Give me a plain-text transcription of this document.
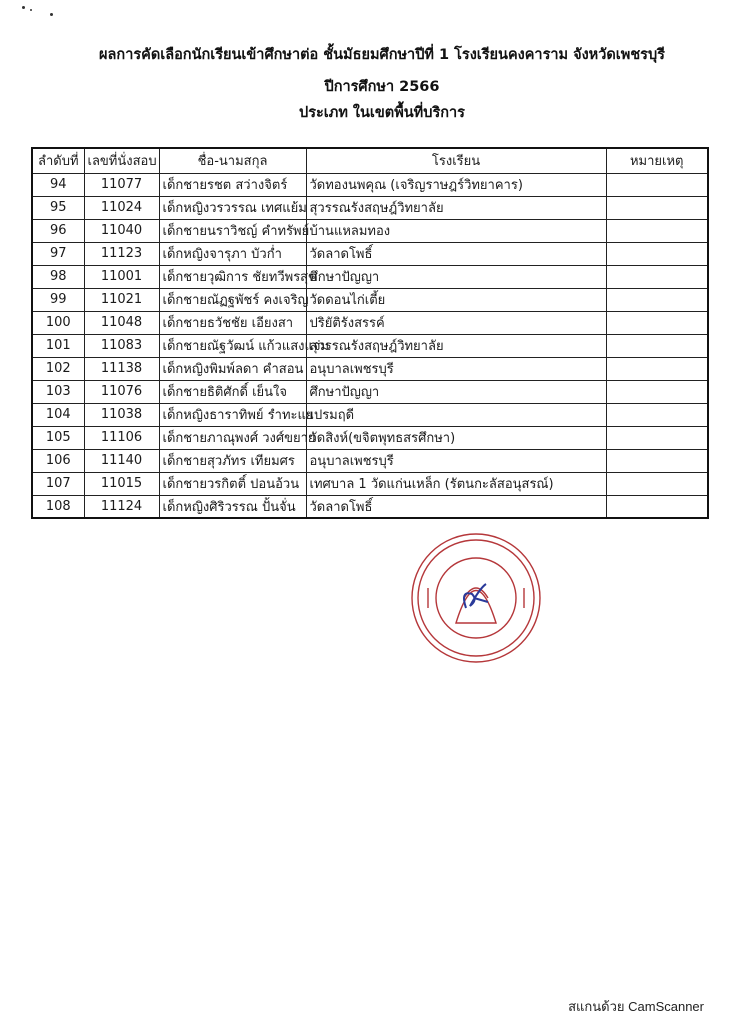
ผลการคัดเลือกนักเรียนเข้าศึกษาต่อ ชั้นมัธยมศึกษาปีที่ 1 โรงเรียนคงคาราม จังหวัดเพชรบุรี
ปีการศึกษา 2566
ประเภท ในเขตพื้นที่บริการ
ลำดับที่	เลขที่นั่งสอบ	ชื่อ-นามสกุล	โรงเรียน	หมายเหตุ
94	11077	เด็กชายรชต สว่างจิตร์	วัดทองนพคุณ (เจริญราษฎร์วิทยาคาร)	
95	11024	เด็กหญิงวรวรรณ เทศแย้ม	สุวรรณรังสฤษฎ์วิทยาลัย	
96	11040	เด็กชายนราวิชญ์ คำทรัพย์	บ้านแหลมทอง	
97	11123	เด็กหญิงจารุภา บัวก่ำ	วัดลาดโพธิ์	
98	11001	เด็กชายวุฒิการ ชัยทวีพรสุข	ศึกษาปัญญา	
99	11021	เด็กชายณัฏฐพัชร์ คงเจริญ	วัดดอนไก่เตี้ย	
100	11048	เด็กชายธวัชชัย เอียงสา	ปริยัติรังสรรค์	
101	11083	เด็กชายณัฐวัฒน์ แก้วแสงแจ่ม	สุวรรณรังสฤษฎ์วิทยาลัย	
102	11138	เด็กหญิงพิมพ์ลดา คำสอน	อนุบาลเพชรบุรี	
103	11076	เด็กชายธิติศักดิ์ เย็นใจ	ศึกษาปัญญา	
104	11038	เด็กหญิงธาราทิพย์ รำทะแย	เปรมฤดี	
105	11106	เด็กชายภาณุพงศ์ วงศ์ขยาย	วัดสิงห์(ขจิตพุทธสรศึกษา)	
106	11140	เด็กชายสุวภัทร เทียมศร	อนุบาลเพชรบุรี	
107	11015	เด็กชายวรกิตติ์ ปอนอ้วน	เทศบาล 1 วัดแก่นเหล็ก (รัตนกะลัสอนุสรณ์)	
108	11124	เด็กหญิงศิริวรรณ ปั้นจั่น	วัดลาดโพธิ์	
สแกนด้วย CamScanner
